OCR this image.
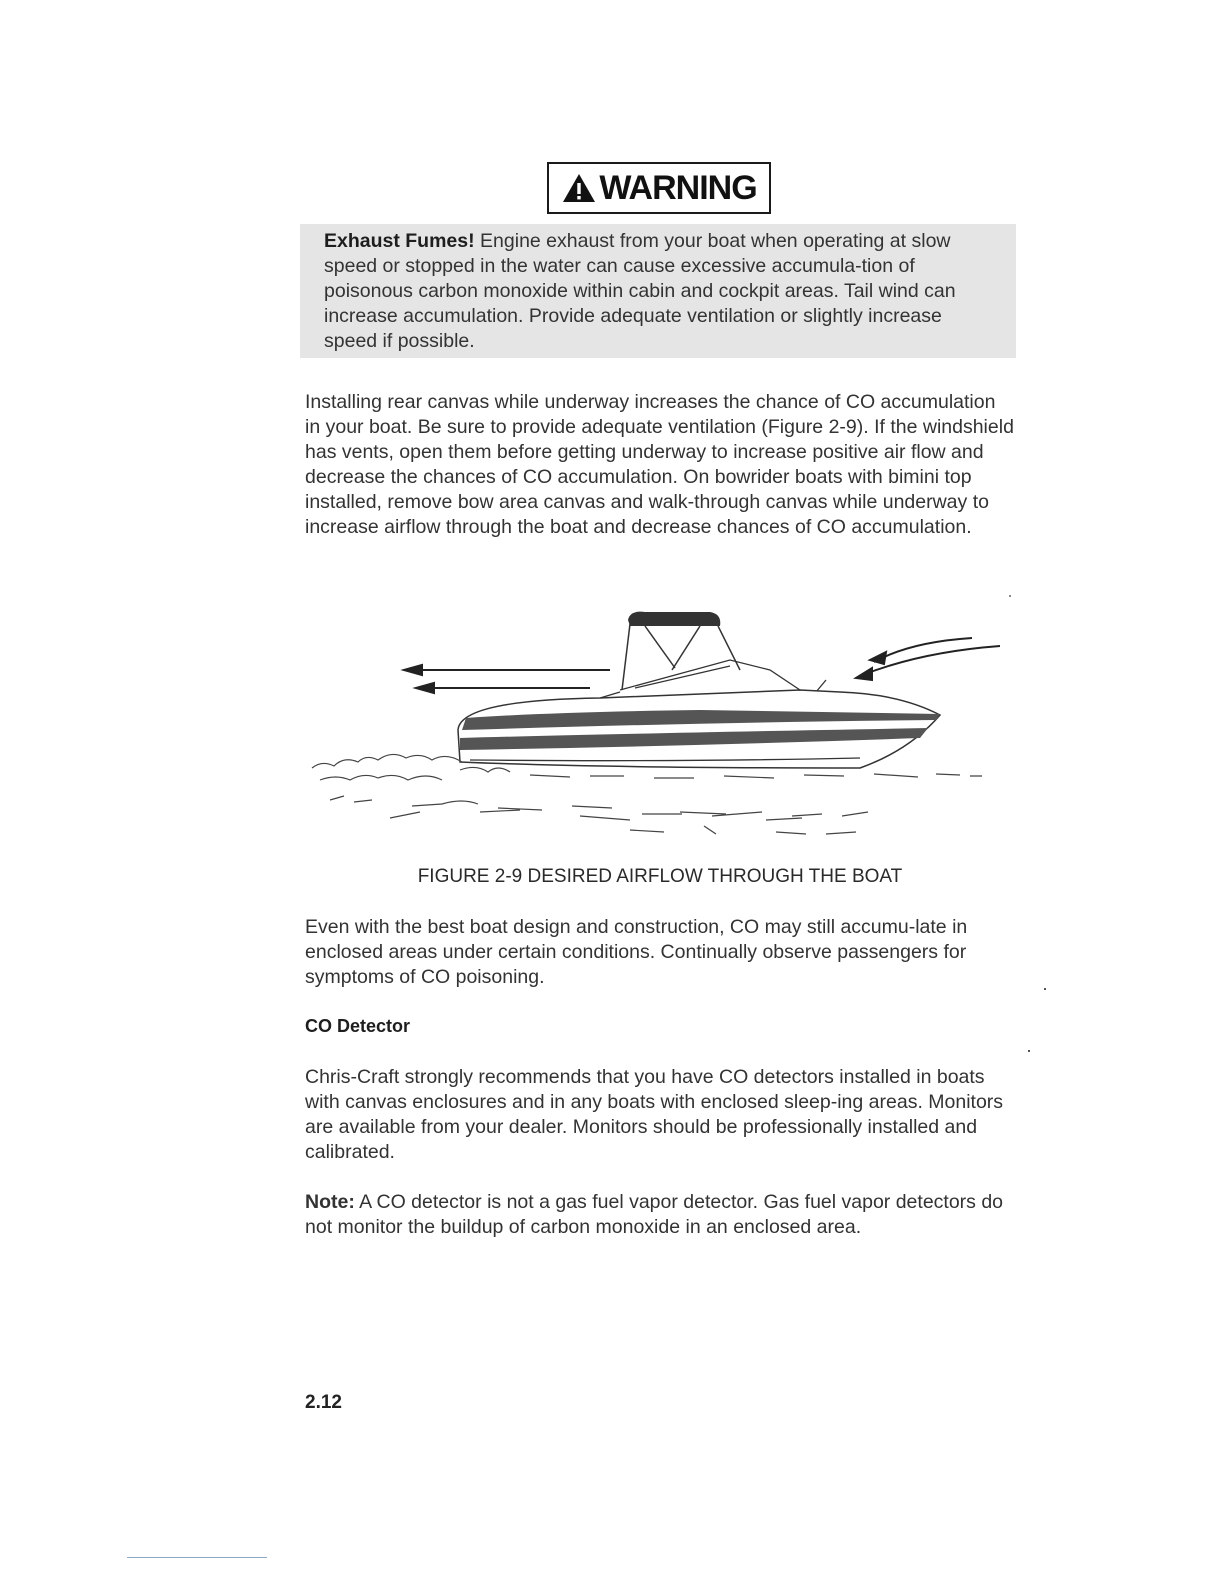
WARNING
Exhaust Fumes! Engine exhaust from your boat when operating at slow speed or stopped in the water can cause excessive accumula-tion of poisonous carbon monoxide within cabin and cockpit areas. Tail wind can increase accumulation. Provide adequate ventilation or slightly increase speed if possible.

Installing rear canvas while underway increases the chance of CO accumulation in your boat. Be sure to provide adequate ventilation (Figure 2-9). If the windshield has vents, open them before getting underway to increase positive air flow and decrease the chances of CO accumulation. On bowrider boats with bimini top installed, remove bow area canvas and walk-through canvas while underway to increase airflow through the boat and decrease chances of CO accumulation.

FIGURE 2-9 DESIRED AIRFLOW THROUGH THE BOAT

Even with the best boat design and construction, CO may still accumu-late in enclosed areas under certain conditions. Continually observe passengers for symptoms of CO poisoning.

CO Detector

Chris-Craft strongly recommends that you have CO detectors installed in boats with canvas enclosures and in any boats with enclosed sleep-ing areas. Monitors are available from your dealer. Monitors should be professionally installed and calibrated.

Note: A CO detector is not a gas fuel vapor detector. Gas fuel vapor detectors do not monitor the buildup of carbon monoxide in an enclosed area.

2.12
